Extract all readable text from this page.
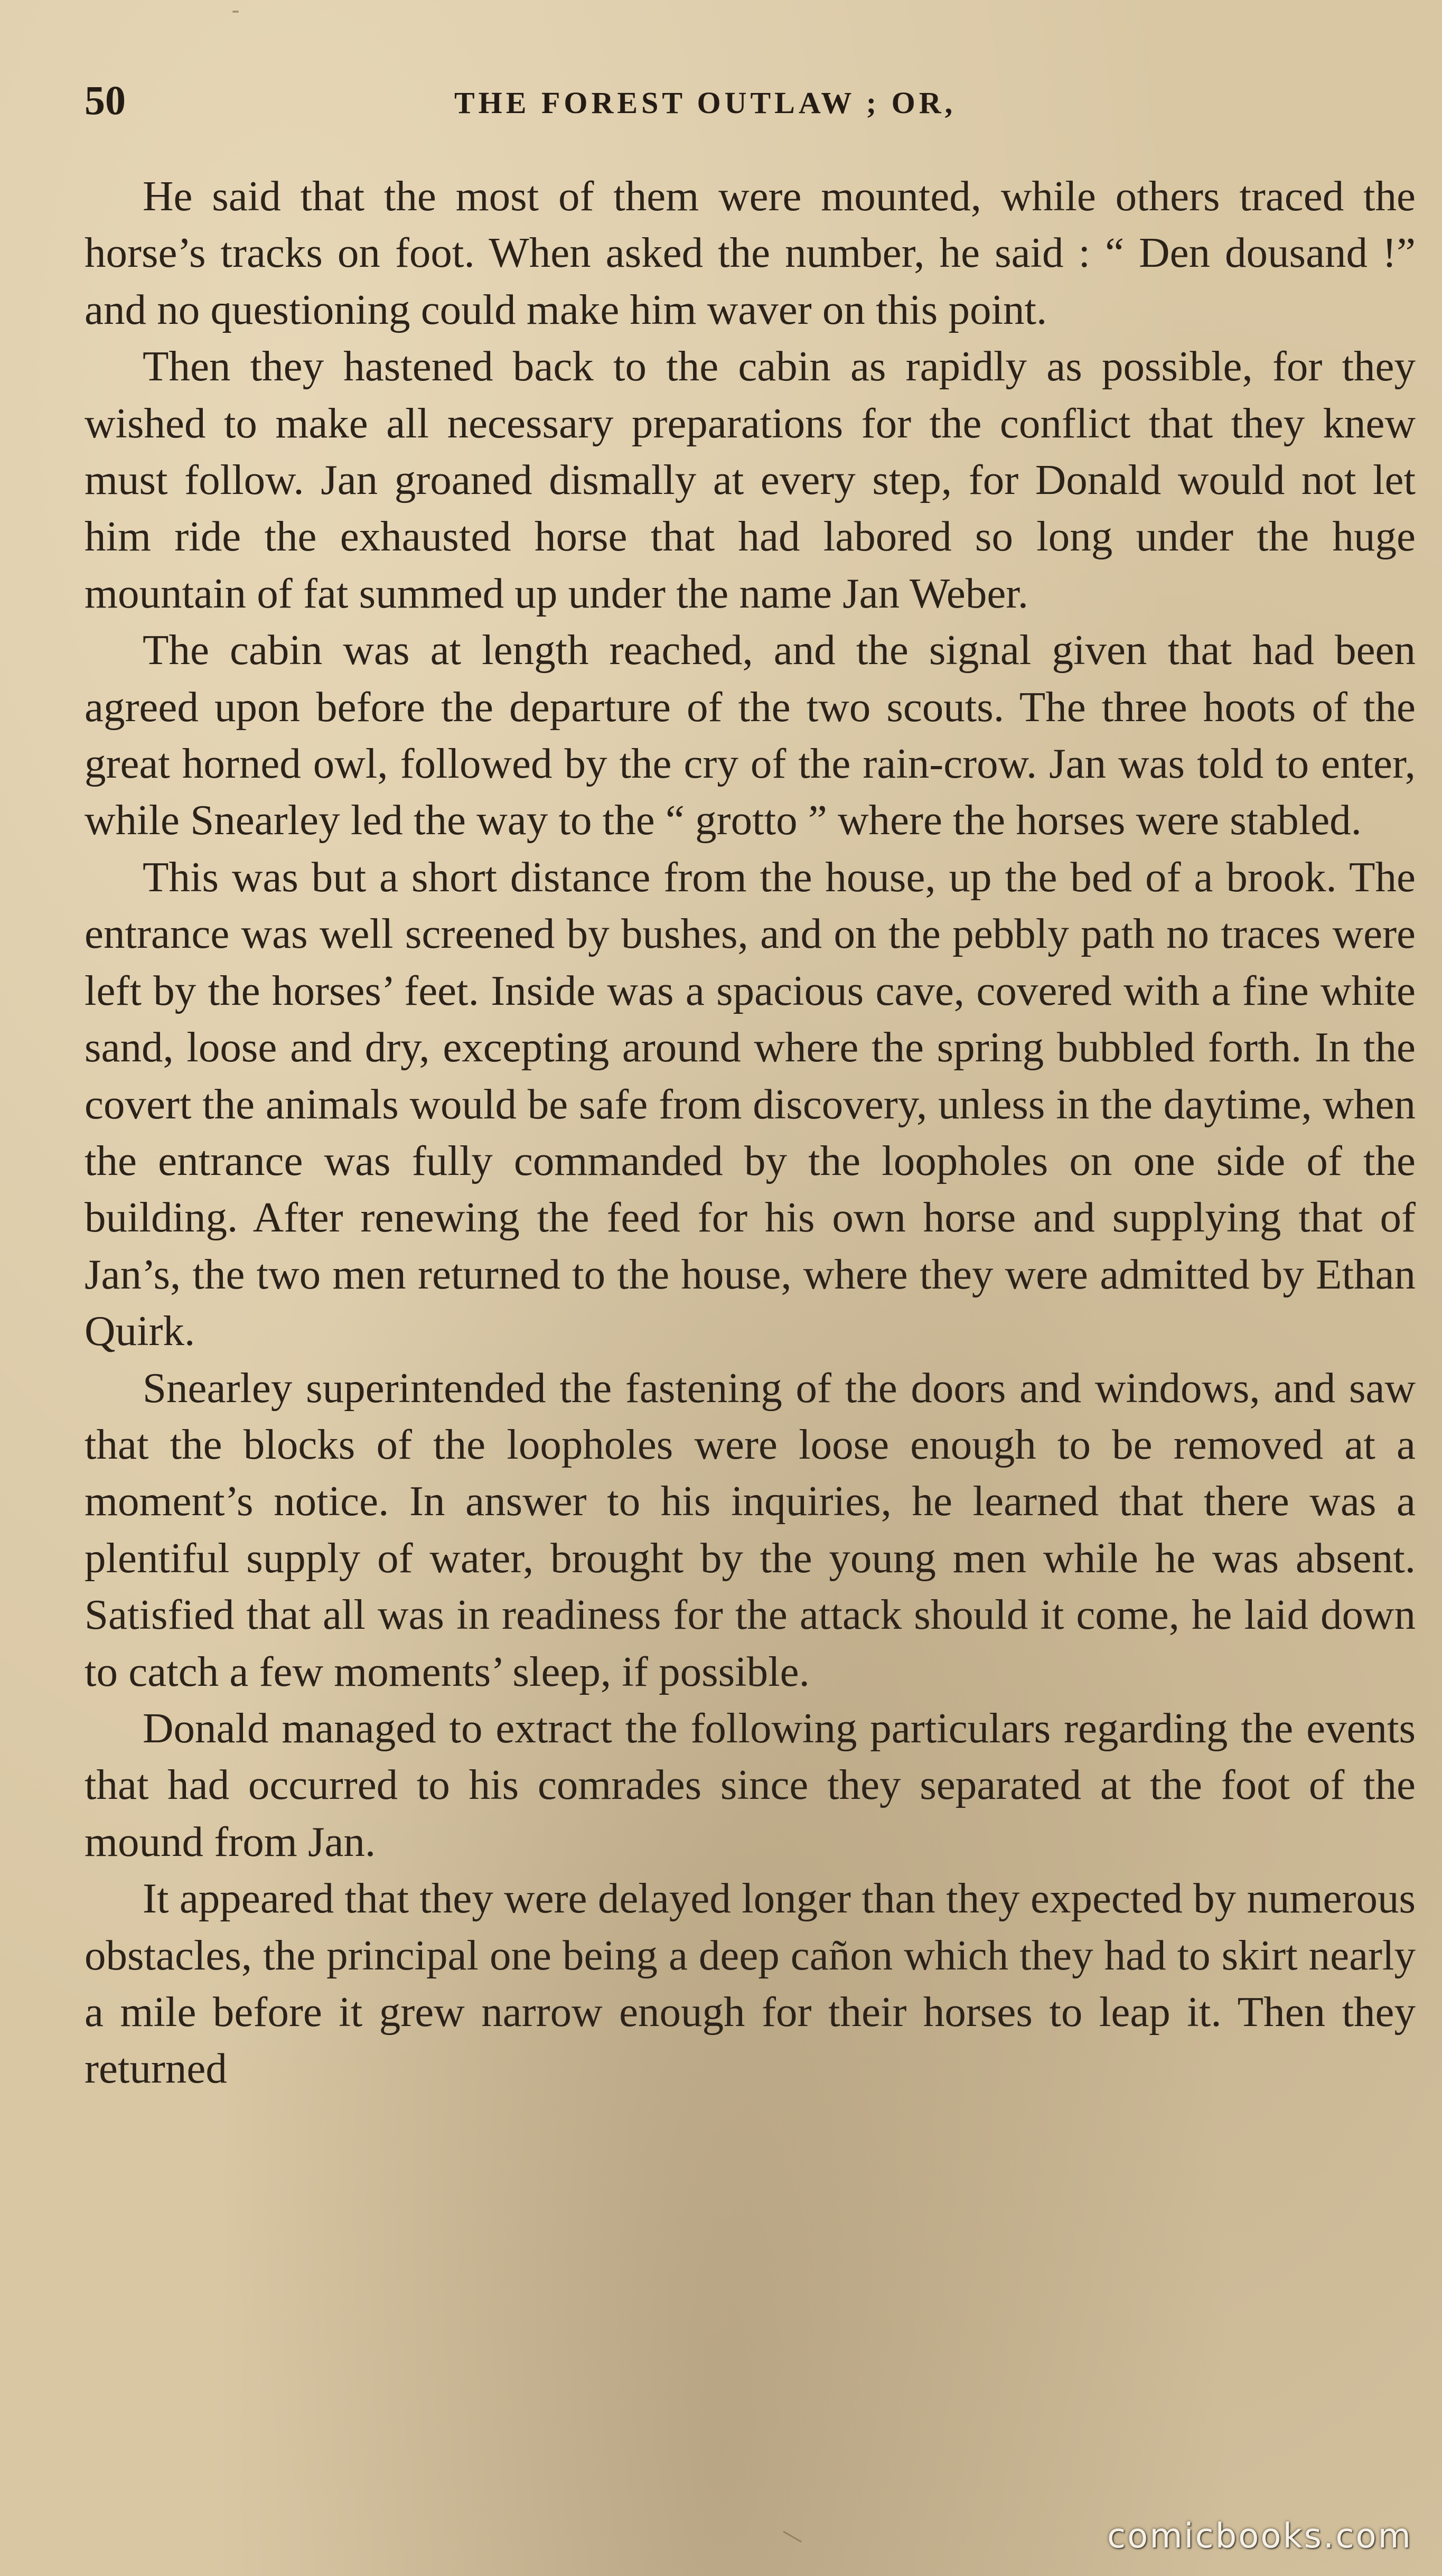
50	THE FOREST OUTLAW ; OR,

He said that the most of them were mounted, while others traced the horse’s tracks on foot. When asked the number, he said : “ Den dousand !” and no questioning could make him waver on this point.

Then they hastened back to the cabin as rapidly as possible, for they wished to make all necessary preparations for the conflict that they knew must follow. Jan groaned dismally at every step, for Donald would not let him ride the exhausted horse that had labored so long under the huge mountain of fat summed up under the name Jan Weber.

The cabin was at length reached, and the signal given that had been agreed upon before the departure of the two scouts. The three hoots of the great horned owl, followed by the cry of the rain-crow. Jan was told to enter, while Snearley led the way to the “ grotto ” where the horses were stabled.

This was but a short distance from the house, up the bed of a brook. The entrance was well screened by bushes, and on the pebbly path no traces were left by the horses’ feet. Inside was a spacious cave, covered with a fine white sand, loose and dry, excepting around where the spring bubbled forth. In the covert the animals would be safe from discovery, unless in the daytime, when the entrance was fully commanded by the loopholes on one side of the building. After renewing the feed for his own horse and supplying that of Jan’s, the two men returned to the house, where they were admitted by Ethan Quirk.

Snearley superintended the fastening of the doors and windows, and saw that the blocks of the loopholes were loose enough to be removed at a moment’s notice. In answer to his inquiries, he learned that there was a plentiful supply of water, brought by the young men while he was absent. Satisfied that all was in readiness for the attack should it come, he laid down to catch a few moments’ sleep, if possible.

Donald managed to extract the following particulars regarding the events that had occurred to his comrades since they separated at the foot of the mound from Jan.

It appeared that they were delayed longer than they expected by numerous obstacles, the principal one being a deep cañon which they had to skirt nearly a mile before it grew narrow enough for their horses to leap it. Then they returned

comicbooks.com
